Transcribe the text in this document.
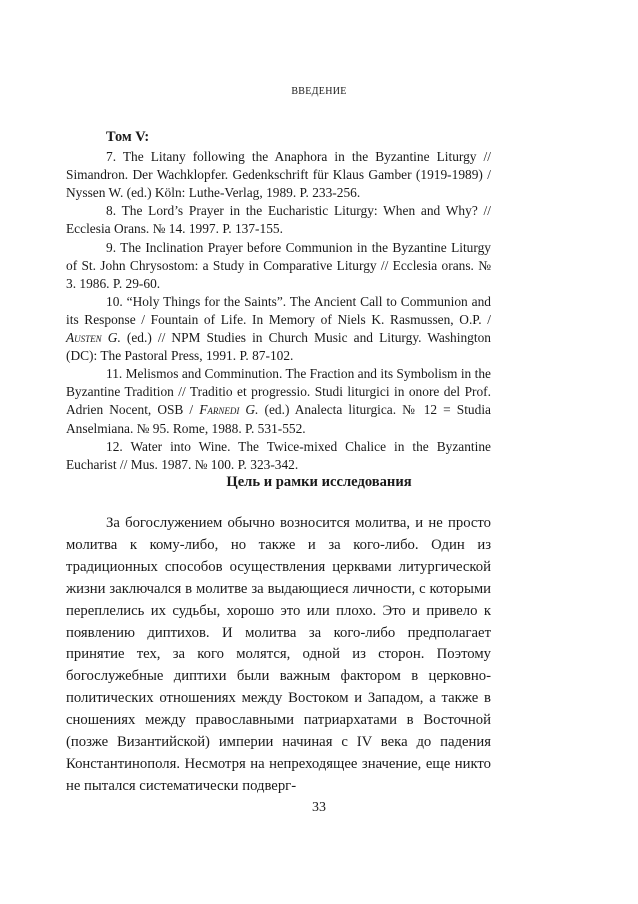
ВВЕДЕНИЕ

Том V:

7. The Litany following the Anaphora in the Byzantine Liturgy // Simandron. Der Wachklopfer. Gedenkschrift für Klaus Gamber (1919-1989) / Nyssen W. (ed.) Köln: Luthe-Verlag, 1989. P. 233-256.

8. The Lord’s Prayer in the Eucharistic Liturgy: When and Why? // Ecclesia Orans. № 14. 1997. P. 137-155.

9. The Inclination Prayer before Communion in the Byzantine Liturgy of St. John Chrysostom: a Study in Comparative Liturgy // Ecclesia orans. № 3. 1986. P. 29-60.

10. “Holy Things for the Saints”. The Ancient Call to Communion and its Response / Fountain of Life. In Memory of Niels K. Rasmussen, O.P. / Austen G. (ed.) // NPM Studies in Church Music and Liturgy. Washington (DC): The Pastoral Press, 1991. P. 87-102.

11. Melismos and Comminution. The Fraction and its Symbolism in the Byzantine Tradition // Traditio et progressio. Studi liturgici in onore del Prof. Adrien Nocent, OSB / Farnedi G. (ed.) Analecta liturgica. № 12 = Studia Anselmiana. № 95. Rome, 1988. P. 531-552.

12. Water into Wine. The Twice-mixed Chalice in the Byzantine Eucharist // Mus. 1987. № 100. P. 323-342.

Цель и рамки исследования

За богослужением обычно возносится молитва, и не просто молитва к кому-либо, но также и за кого-либо. Один из традиционных способов осуществления церквами литургической жизни заключался в молитве за выдающиеся личности, с которыми переплелись их судьбы, хорошо это или плохо. Это и привело к появлению диптихов. И молитва за кого-либо предполагает принятие тех, за кого молятся, одной из сторон. Поэтому богослужебные диптихи были важным фактором в церковно-политических отношениях между Востоком и Западом, а также в сношениях между православными патриархатами в Восточной (позже Византийской) империи начиная с IV века до падения Константинополя. Несмотря на непреходящее значение, еще никто не пытался систематически подверг-

33
